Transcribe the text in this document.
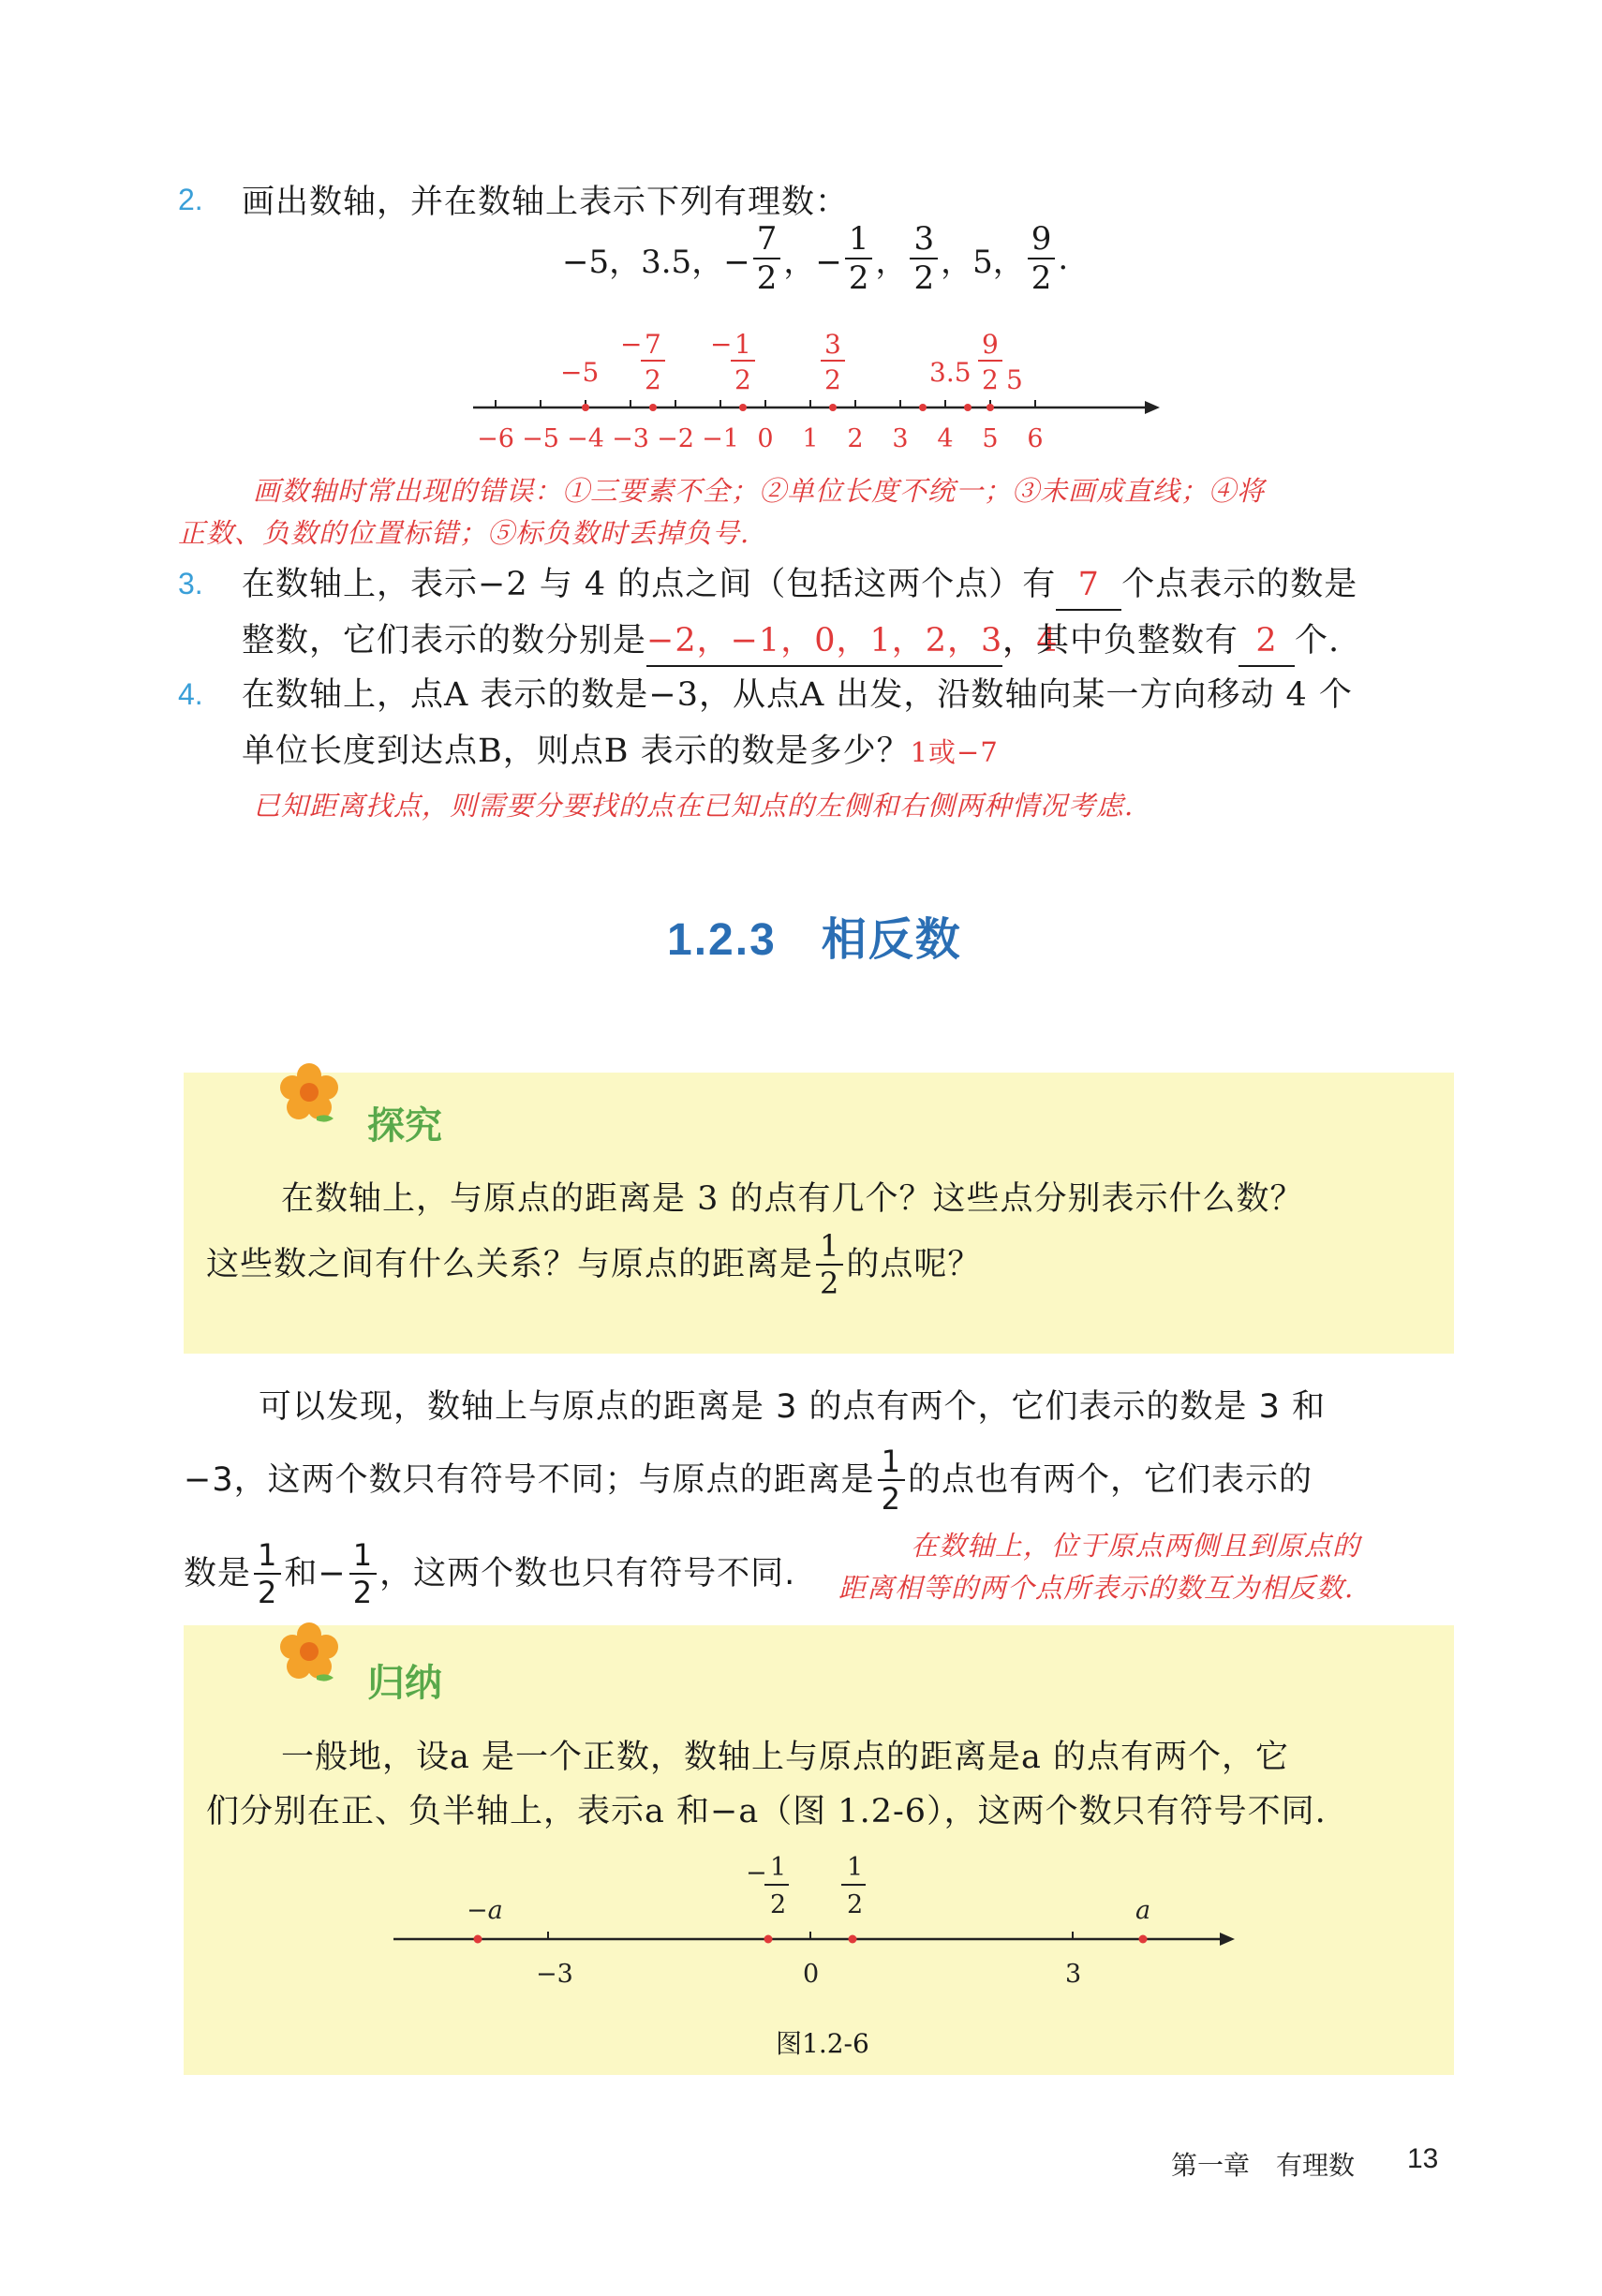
2. 画出数轴，并在数轴上表示下列有理数：
−5，3.5，− $\frac{7}{2}$ ，− $\frac{1}{2}$ ， $\frac{3}{2}$ ，5， $\frac{9}{2}$ .
−5
− 7
2
− 1
2
3
2	3.5
9
2 5
−6 −5 −4 −3 −2 −1 0 1 2 3 4 5 6
画数轴时常出现的错误：①三要素不全；②单位长度不统一；③未画成直线；④将
正数、负数的位置标错；⑤标负数时丢掉负号.
3. 在数轴上，表示−2 与 4 的点之间（包括这两个点）有 7 个点表示的数是
整数，它们表示的数分别是−2，−1，0，1，2，3，4，其中负整数有 2 个.
4. 在数轴上，点A 表示的数是−3，从点A 出发，沿数轴向某一方向移动 4 个
单位长度到达点B，则点B 表示的数是多少？1或−7
已知距离找点，则需要分要找的点在已知点的左侧和右侧两种情况考虑.
1.2.3 相反数
探究
在数轴上，与原点的距离是 3 的点有几个？这些点分别表示什么数？
这些数之间有什么关系？与原点的距离是 $\frac{1}{2}$ 的点呢？
可以发现，数轴上与原点的距离是 3 的点有两个，它们表示的数是 3 和
−3，这两个数只有符号不同；与原点的距离是 $\frac{1}{2}$ 的点也有两个，它们表示的
数是 $\frac{1}{2}$ 和− $\frac{1}{2}$ ，这两个数也只有符号不同.
在数轴上，位于原点两侧且到原点的
距离相等的两个点所表示的数互为相反数.
归纳
一般地，设a 是一个正数，数轴上与原点的距离是a 的点有两个，它
们分别在正、负半轴上，表示a 和−a（图 1.2-6），这两个数只有符号不同.
−a	a
−3	0	3
− 1
2
1
2
图1.2-6
第一章　有理数 13
